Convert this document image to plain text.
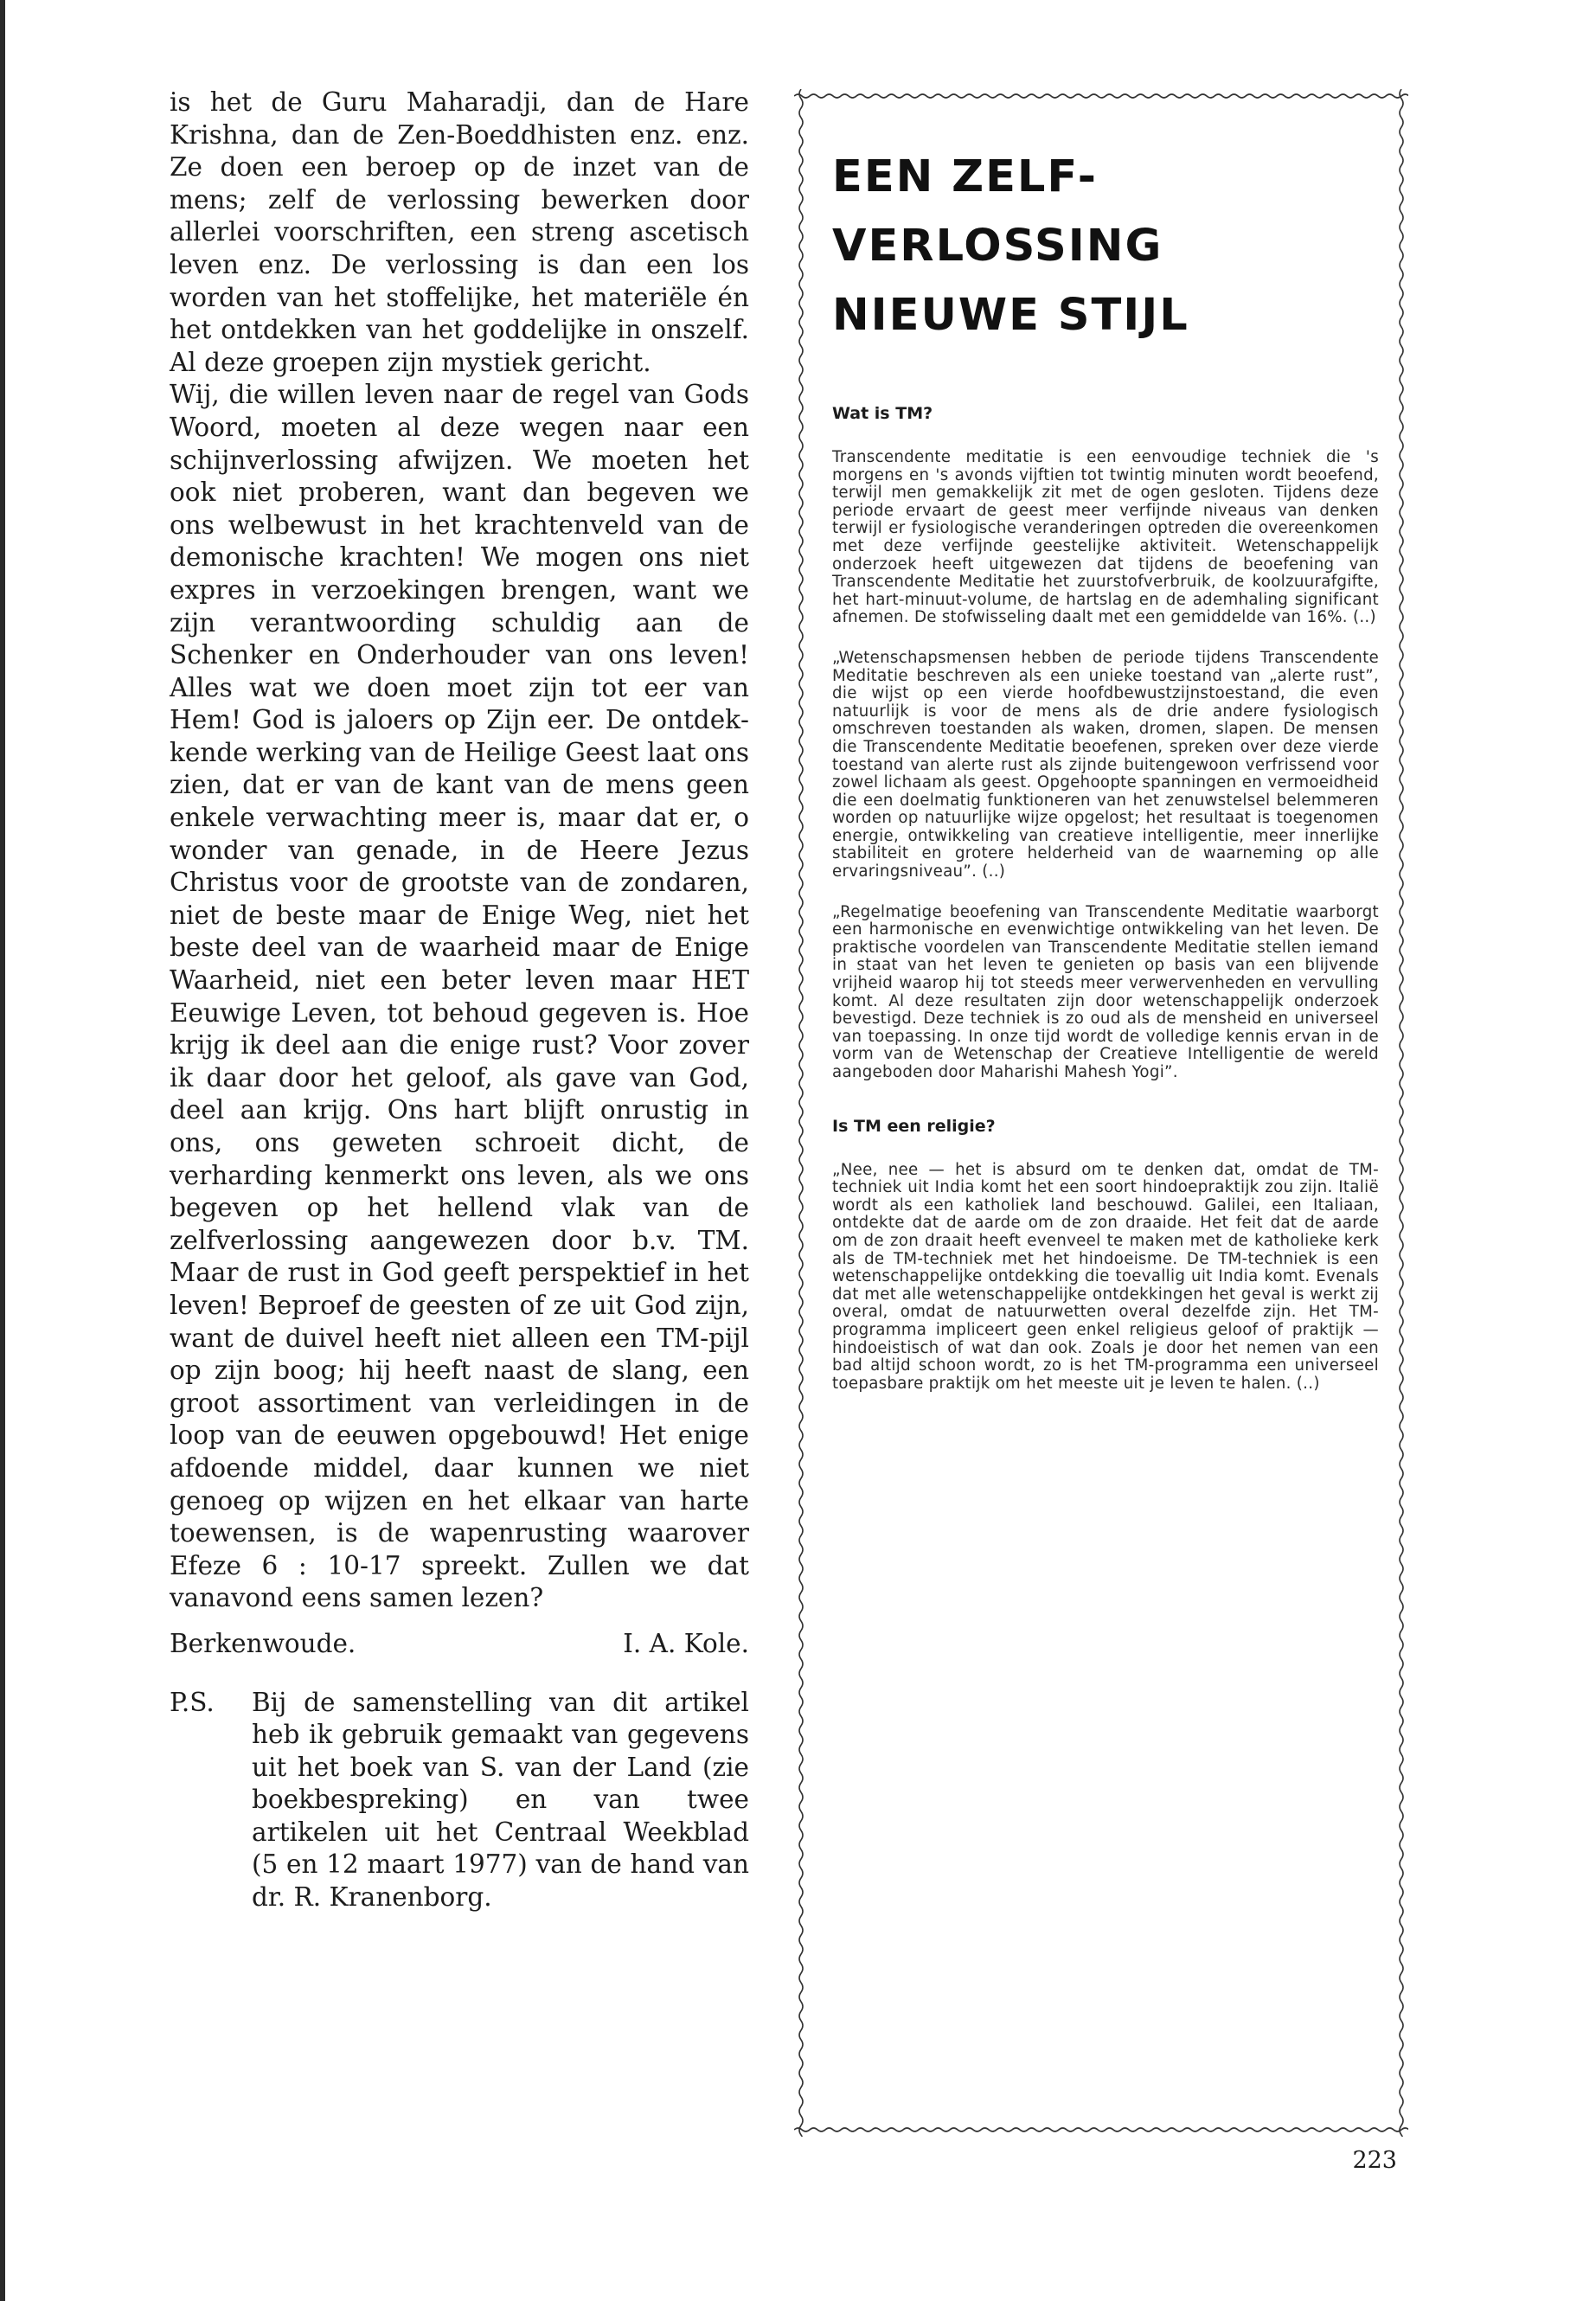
is het de Guru Maharadji, dan de Hare Krishna, dan de Zen-Boeddhisten enz. enz. Ze doen een beroep op de inzet van de mens; zelf de verlossing bewerken door allerlei voorschriften, een streng ascetisch leven enz. De verlossing is dan een los worden van het stoffelijke, het materiële én het ontdekken van het goddelijke in onszelf. Al deze groepen zijn mystiek gericht.

Wij, die willen leven naar de regel van Gods Woord, moeten al deze wegen naar een schijnverlossing afwijzen. We moeten het ook niet proberen, want dan begeven we ons welbewust in het krachtenveld van de demonische krachten! We mogen ons niet expres in verzoekingen brengen, want we zijn verantwoording schuldig aan de Schenker en Onderhouder van ons leven! Alles wat we doen moet zijn tot eer van Hem! God is jaloers op Zijn eer. De ontdekkende werking van de Heilige Geest laat ons zien, dat er van de kant van de mens geen enkele verwachting meer is, maar dat er, o wonder van genade, in de Heere Jezus Christus voor de grootste van de zondaren, niet de beste maar de Enige Weg, niet het beste deel van de waarheid maar de Enige Waarheid, niet een beter leven maar HET Eeuwige Leven, tot behoud gegeven is. Hoe krijg ik deel aan die enige rust? Voor zover ik daar door het geloof, als gave van God, deel aan krijg. Ons hart blijft onrustig in ons, ons geweten schroeit dicht, de verharding kenmerkt ons leven, als we ons begeven op het hellend vlak van de zelfverlossing aangewezen door b.v. TM. Maar de rust in God geeft perspektief in het leven! Beproef de geesten of ze uit God zijn, want de duivel heeft niet alleen een TM-pijl op zijn boog; hij heeft naast de slang, een groot assortiment van verleidingen in de loop van de eeuwen opgebouwd! Het enige afdoende middel, daar kunnen we niet genoeg op wijzen en het elkaar van harte toewensen, is de wapenrusting waarover Efeze 6 : 10-17 spreekt. Zullen we dat vanavond eens samen lezen?

Berkenwoude.	I. A. Kole.
P.S.	Bij de samenstelling van dit artikel heb ik gebruik gemaakt van gegevens uit het boek van S. van der Land (zie boekbespreking) en van twee artikelen uit het Centraal Weekblad (5 en 12 maart 1977) van de hand van dr. R. Kranenborg.
EEN ZELF-
VERLOSSING
NIEUWE STIJL
Wat is TM?

Transcendente meditatie is een eenvoudige techniek die 's morgens en 's avonds vijftien tot twintig minuten wordt beoefend, terwijl men gemakkelijk zit met de ogen gesloten. Tijdens deze periode ervaart de geest meer verfijnde niveaus van denken terwijl er fysiologische veranderingen optreden die overeenkomen met deze verfijnde geestelijke aktiviteit. Wetenschappelijk onderzoek heeft uitgewezen dat tijdens de beoefening van Transcendente Meditatie het zuurstofverbruik, de koolzuurafgifte, het hart-minuut-volume, de hartslag en de ademhaling significant afnemen. De stofwisseling daalt met een gemiddelde van 16%. (..)

„Wetenschapsmensen hebben de periode tijdens Transcendente Meditatie beschreven als een unieke toestand van „alerte rust”, die wijst op een vierde hoofdbewustzijnstoestand, die even natuurlijk is voor de mens als de drie andere fysiologisch omschreven toestanden als waken, dromen, slapen. De mensen die Transcendente Meditatie beoefenen, spreken over deze vierde toestand van alerte rust als zijnde buitengewoon verfrissend voor zowel lichaam als geest. Opgehoopte spanningen en vermoeidheid die een doelmatig funktioneren van het zenuwstelsel belemmeren worden op natuurlijke wijze opgelost; het resultaat is toegenomen energie, ontwikkeling van creatieve intelligentie, meer innerlijke stabiliteit en grotere helderheid van de waarneming op alle ervaringsniveau”. (..)

„Regelmatige beoefening van Transcendente Meditatie waarborgt een harmonische en evenwichtige ontwikkeling van het leven. De praktische voordelen van Transcendente Meditatie stellen iemand in staat van het leven te genieten op basis van een blijvende vrijheid waarop hij tot steeds meer verwervenheden en vervulling komt. Al deze resultaten zijn door wetenschappelijk onderzoek bevestigd. Deze techniek is zo oud als de mensheid en universeel van toepassing. In onze tijd wordt de volledige kennis ervan in de vorm van de Wetenschap der Creatieve Intelligentie de wereld aangeboden door Maharishi Mahesh Yogi”.

Is TM een religie?

„Nee, nee — het is absurd om te denken dat, omdat de TM-techniek uit India komt het een soort hindoepraktijk zou zijn. Italië wordt als een katholiek land beschouwd. Galilei, een Italiaan, ontdekte dat de aarde om de zon draaide. Het feit dat de aarde om de zon draait heeft evenveel te maken met de katholieke kerk als de TM-techniek met het hindoeisme. De TM-techniek is een wetenschappelijke ontdekking die toevallig uit India komt. Evenals dat met alle wetenschappelijke ontdekkingen het geval is werkt zij overal, omdat de natuurwetten overal dezelfde zijn. Het TM-programma impliceert geen enkel religieus geloof of praktijk — hindoeistisch of wat dan ook. Zoals je door het nemen van een bad altijd schoon wordt, zo is het TM-programma een universeel toepasbare praktijk om het meeste uit je leven te halen. (..)

223
